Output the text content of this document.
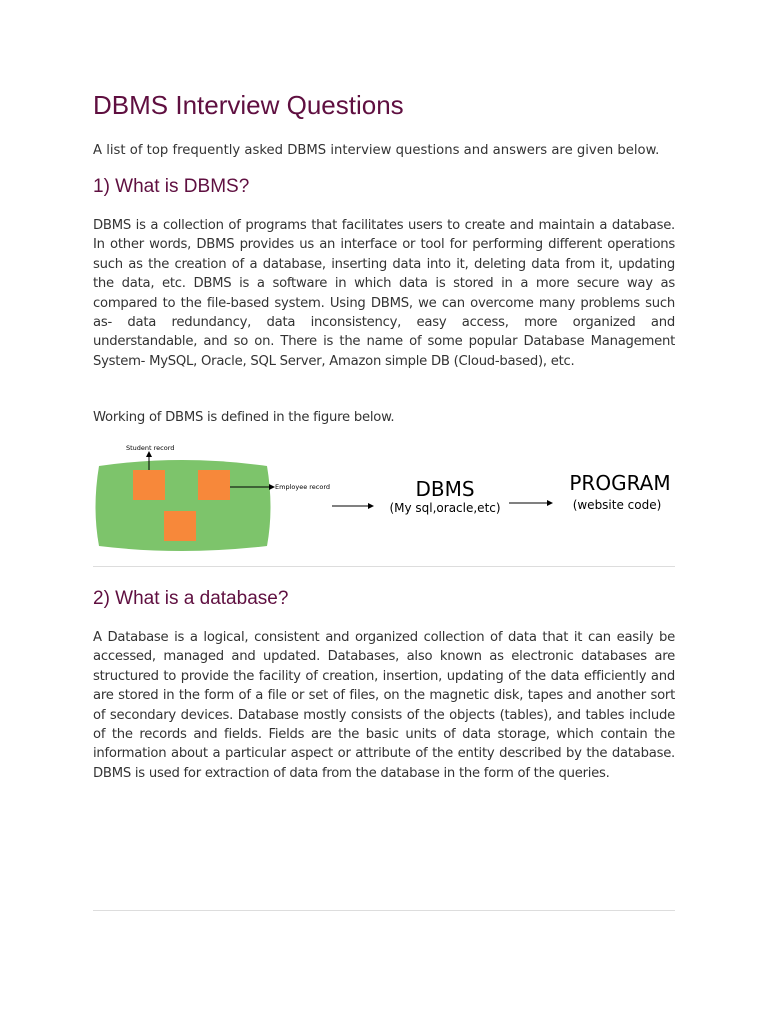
DBMS Interview Questions

A list of top frequently asked DBMS interview questions and answers are given below.

1) What is DBMS?

DBMS is a collection of programs that facilitates users to create and maintain a database. In other words, DBMS provides us an interface or tool for performing different operations such as the creation of a database, inserting data into it, deleting data from it, updating the data, etc. DBMS is a software in which data is stored in a more secure way as compared to the file-based system. Using DBMS, we can overcome many problems such as- data redundancy, data inconsistency, easy access, more organized and understandable, and so on. There is the name of some popular Database Management System- MySQL, Oracle, SQL Server, Amazon simple DB (Cloud-based), etc.

Working of DBMS is defined in the figure below.

Student record
Employee record	DBMS
(My sql,oracle,etc)
PROGRAM
(website code)
2) What is a database?

A Database is a logical, consistent and organized collection of data that it can easily be accessed, managed and updated. Databases, also known as electronic databases are structured to provide the facility of creation, insertion, updating of the data efficiently and are stored in the form of a file or set of files, on the magnetic disk, tapes and another sort of secondary devices. Database mostly consists of the objects (tables), and tables include of the records and fields. Fields are the basic units of data storage, which contain the information about a particular aspect or attribute of the entity described by the database. DBMS is used for extraction of data from the database in the form of the queries.
